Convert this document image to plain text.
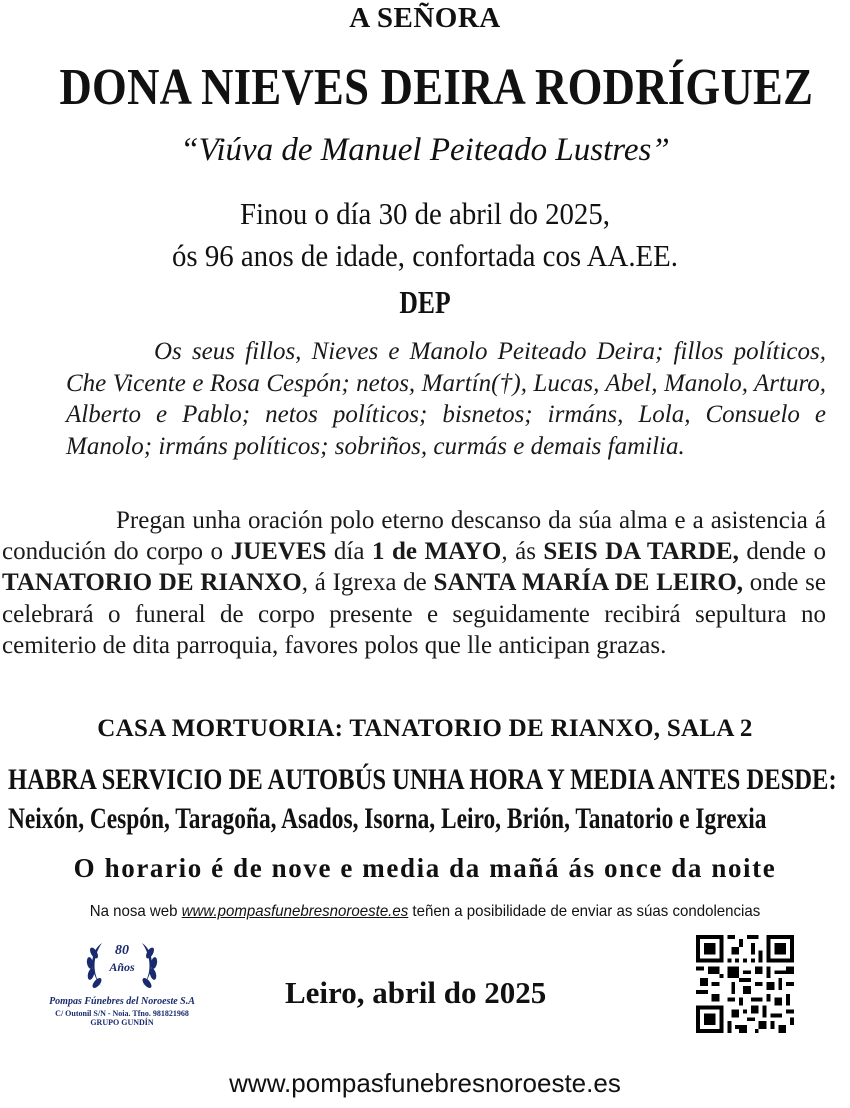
A SEÑORA
DONA NIEVES DEIRA RODRÍGUEZ
“Viúva de Manuel Peiteado Lustres”
Finou o día 30 de abril do 2025,
ós 96 anos de idade, confortada cos AA.EE.
DEP
Os seus fillos, Nieves e Manolo Peiteado Deira; fillos políticos, Che Vicente e Rosa Cespón; netos, Martín(†), Lucas, Abel, Manolo, Arturo, Alberto e Pablo; netos políticos; bisnetos; irmáns, Lola, Consuelo e Manolo; irmáns políticos; sobriños, curmás e demais familia.
Pregan unha oración polo eterno descanso da súa alma e a asistencia á condución do corpo o JUEVES día 1 de MAYO, ás SEIS DA TARDE, dende o TANATORIO DE RIANXO, á Igrexa de SANTA MARÍA DE LEIRO, onde se celebrará o funeral de corpo presente e seguidamente recibirá sepultura no cemiterio de dita parroquia, favores polos que lle anticipan grazas.
CASA MORTUORIA: TANATORIO DE RIANXO, SALA 2
HABRA SERVICIO DE AUTOBÚS UNHA HORA Y MEDIA ANTES DESDE:
Neixón, Cespón, Taragoña, Asados, Isorna, Leiro, Brión, Tanatorio e Igrexia
O horario é de nove e media da mañá ás once da noite
Na nosa web www.pompasfunebresnoroeste.es teñen a posibilidade de enviar as súas condolencias
80
Años
Pompas Fúnebres del Noroeste S.A
C/ Outonil S/N - Noia. Tfno. 981821968
GRUPO GUNDÍN
Leiro, abril do 2025
www.pompasfunebresnoroeste.es
